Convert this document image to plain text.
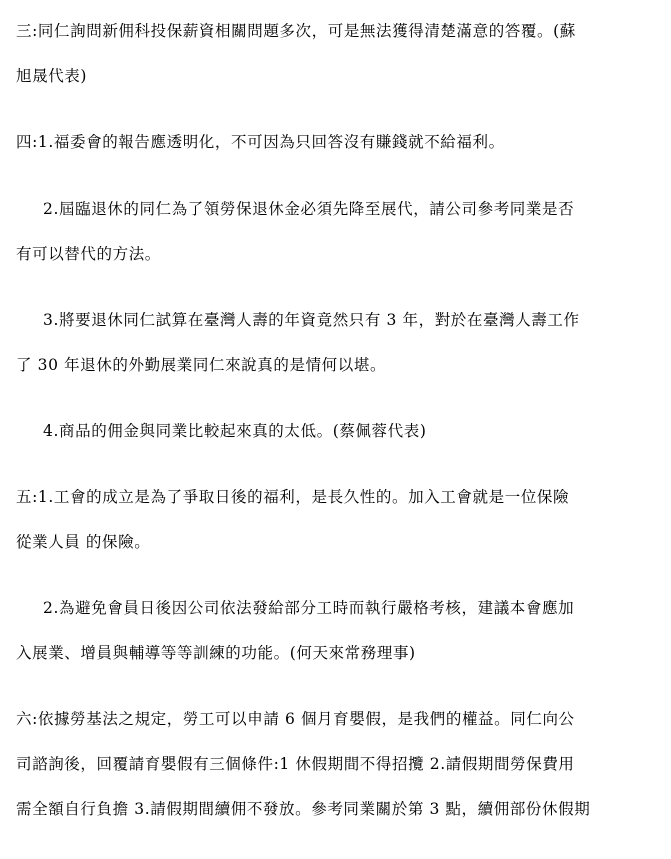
三:同仁詢問新佣科投保薪資相關問題多次，可是無法獲得清楚滿意的答覆。(蘇
旭晟代表)
四:1.福委會的報告應透明化，不可因為只回答沒有賺錢就不給福利。
2.屆臨退休的同仁為了領勞保退休金必須先降至展代，請公司參考同業是否
有可以替代的方法。
3.將要退休同仁試算在臺灣人壽的年資竟然只有 3 年，對於在臺灣人壽工作
了 30 年退休的外勤展業同仁來說真的是情何以堪。
4.商品的佣金與同業比較起來真的太低。(蔡佩蓉代表)
五:1.工會的成立是為了爭取日後的福利，是長久性的。加入工會就是一位保險
從業人員 的保險。
2.為避免會員日後因公司依法發給部分工時而執行嚴格考核，建議本會應加
入展業、增員與輔導等等訓練的功能。(何天來常務理事)
六:依據勞基法之規定，勞工可以申請 6 個月育嬰假，是我們的權益。同仁向公
司諮詢後，回覆請育嬰假有三個條件:1 休假期間不得招攬 2.請假期間勞保費用
需全額自行負擔 3.請假期間續佣不發放。參考同業關於第 3 點，續佣部份休假期
